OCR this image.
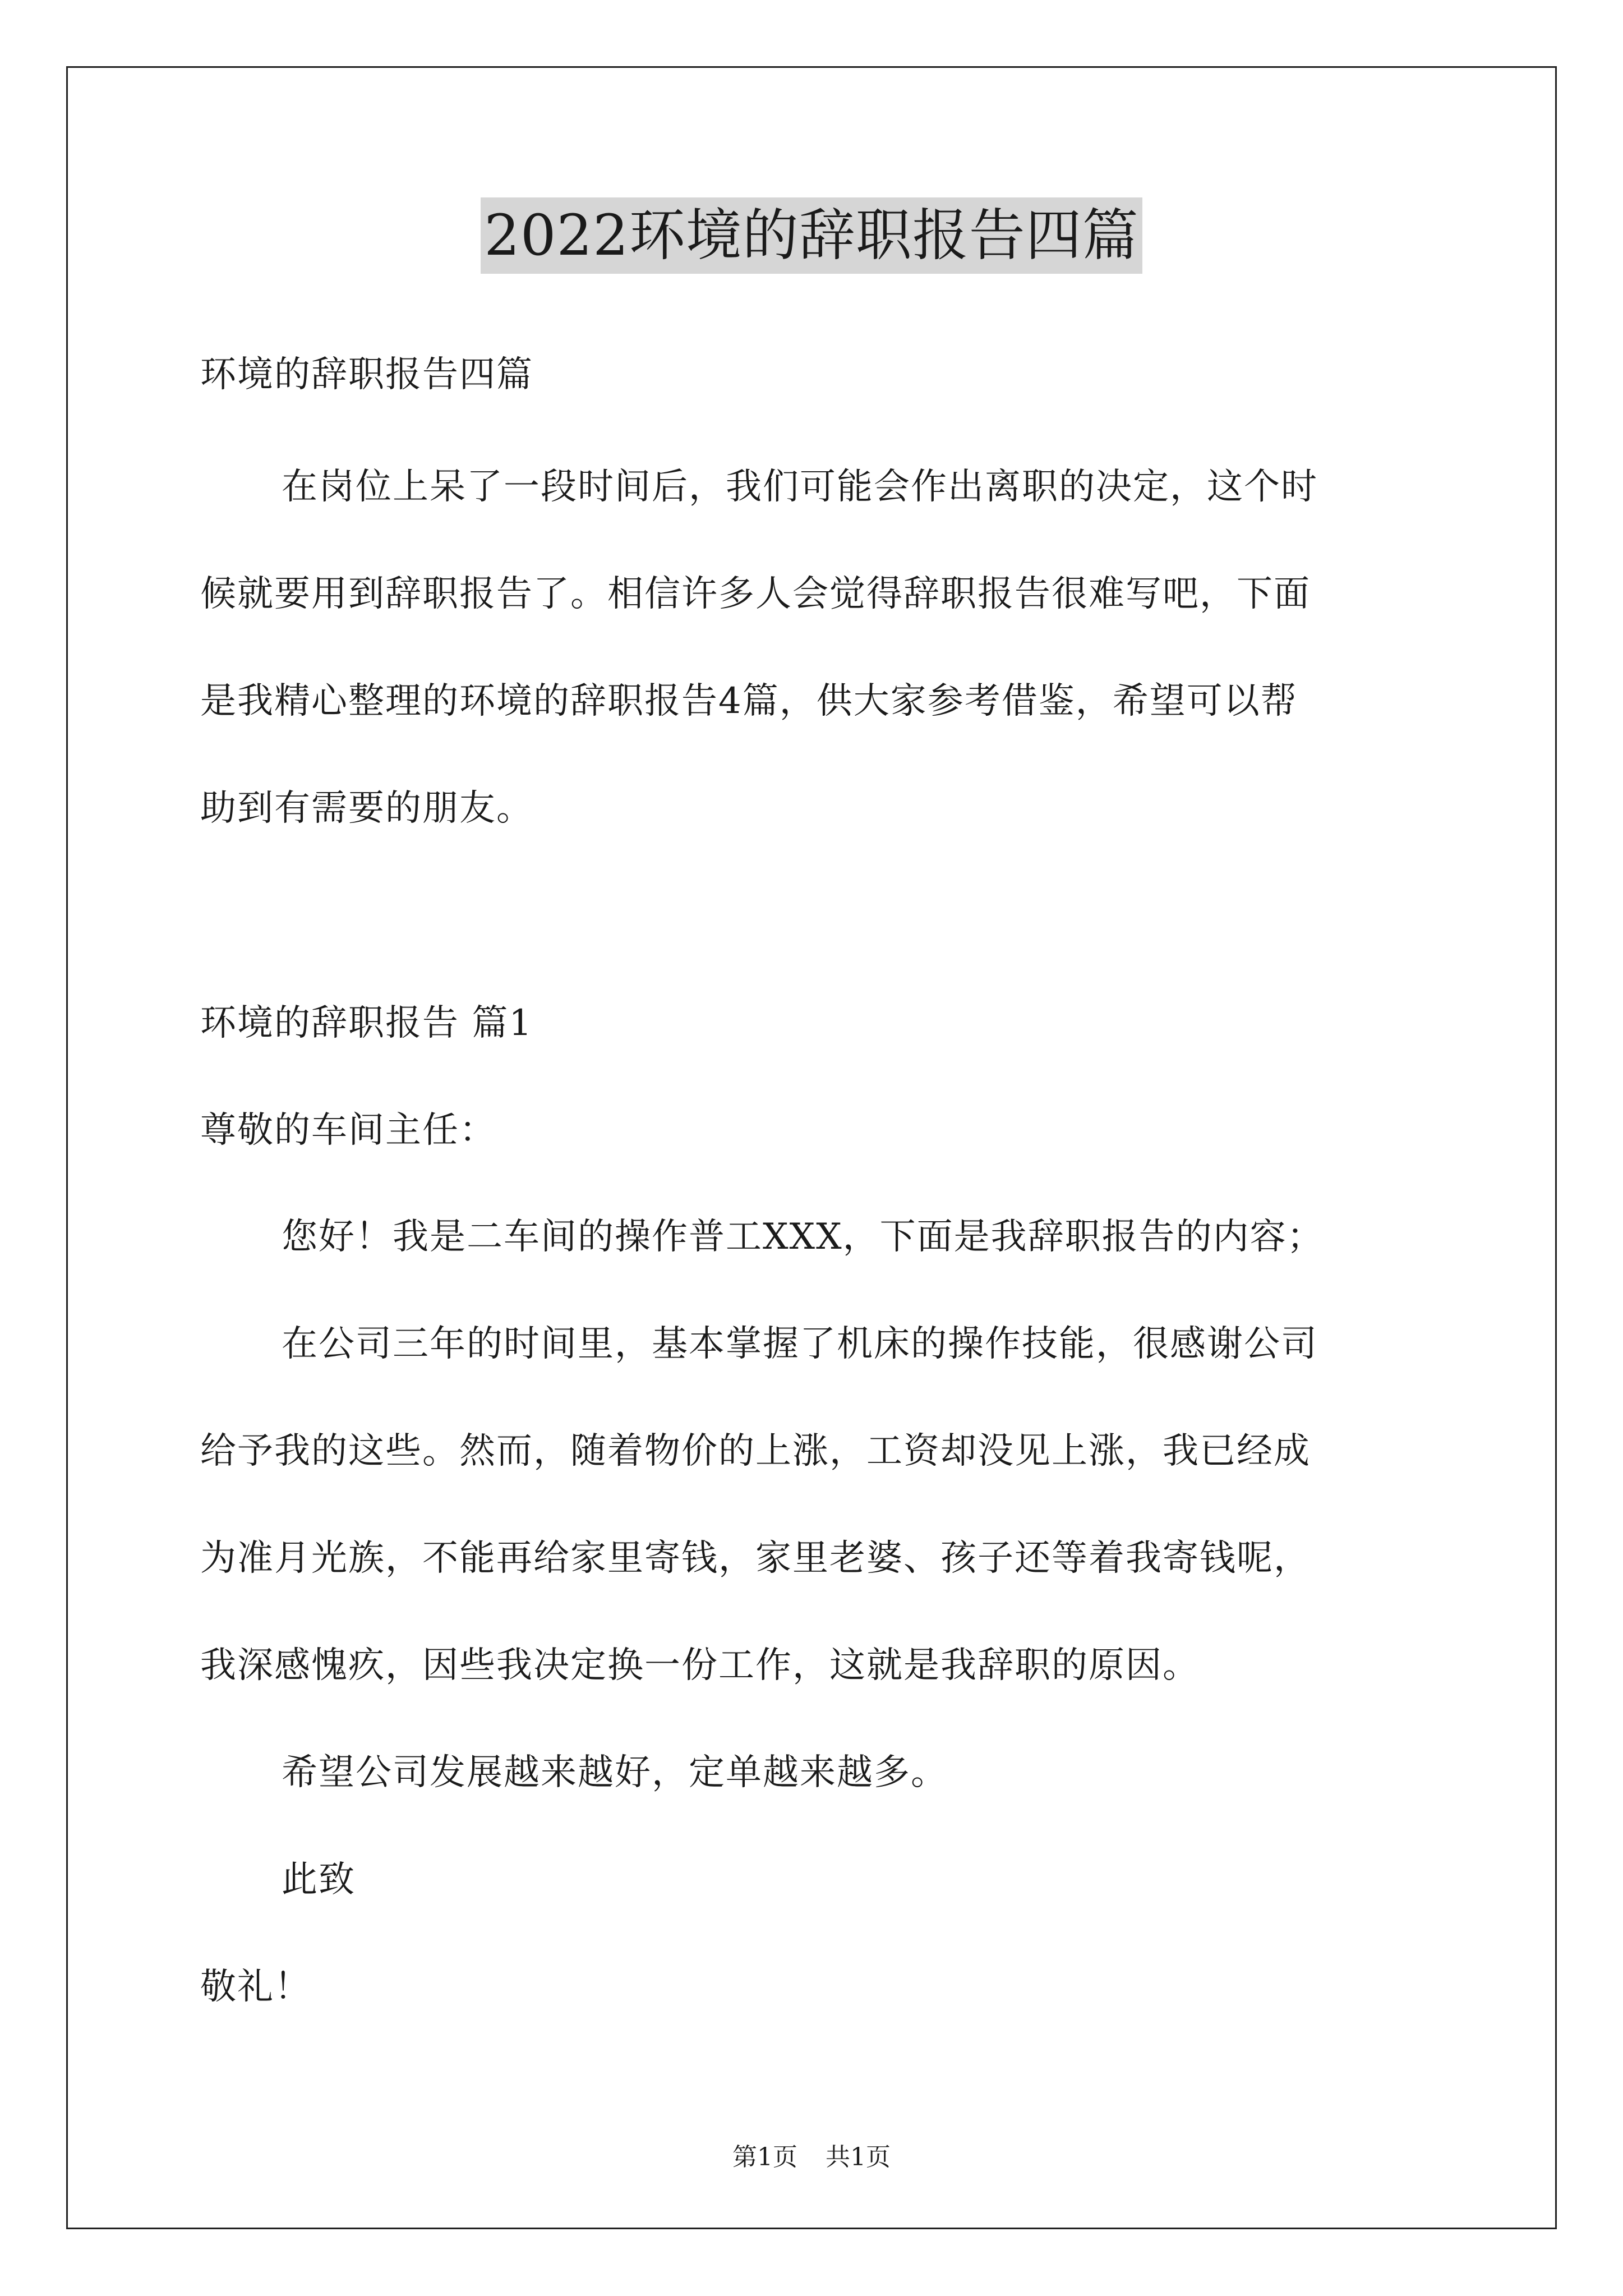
2022环境的辞职报告四篇
环境的辞职报告四篇
在岗位上呆了一段时间后，我们可能会作出离职的决定，这个时
候就要用到辞职报告了。相信许多人会觉得辞职报告很难写吧，下面
是我精心整理的环境的辞职报告4篇，供大家参考借鉴，希望可以帮
助到有需要的朋友。
环境的辞职报告 篇1
尊敬的车间主任：
您好！我是二车间的操作普工XXX，下面是我辞职报告的内容；
在公司三年的时间里，基本掌握了机床的操作技能，很感谢公司
给予我的这些。然而，随着物价的上涨，工资却没见上涨，我已经成
为准月光族，不能再给家里寄钱，家里老婆、孩子还等着我寄钱呢，
我深感愧疚，因些我决定换一份工作，这就是我辞职的原因。
希望公司发展越来越好，定单越来越多。
此致
敬礼！
第1页 共1页
